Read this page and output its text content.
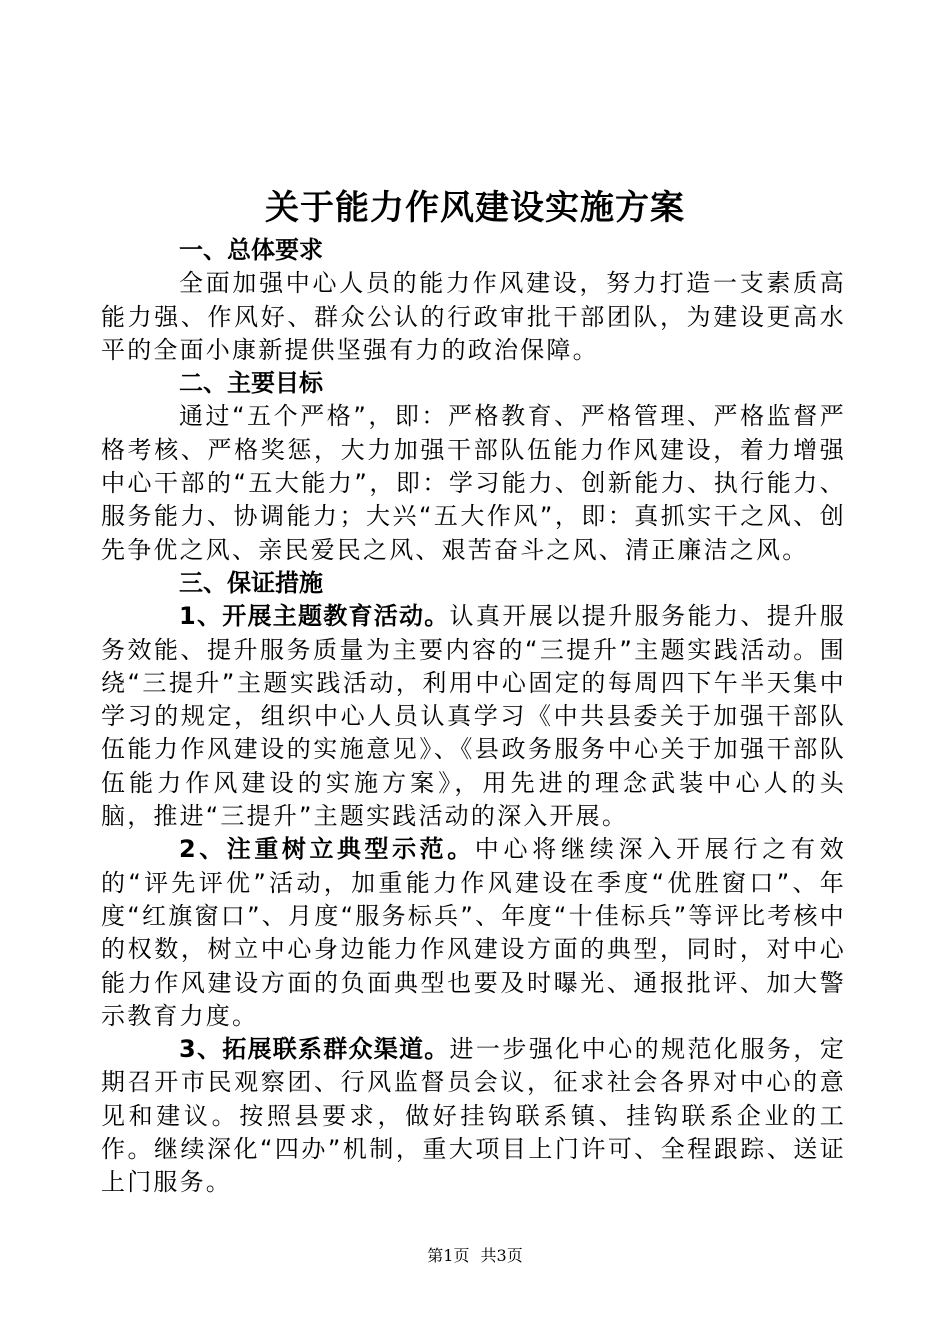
关于能力作风建设实施方案

一、总体要求

全面加强中心人员的能力作风建设，努力打造一支素质高能力强、作风好、群众公认的行政审批干部团队，为建设更高水平的全面小康新提供坚强有力的政治保障。

二、主要目标

通过“五个严格”，即：严格教育、严格管理、严格监督严格考核、严格奖惩，大力加强干部队伍能力作风建设，着力增强中心干部的“五大能力”，即：学习能力、创新能力、执行能力、服务能力、协调能力；大兴“五大作风”，即：真抓实干之风、创先争优之风、亲民爱民之风、艰苦奋斗之风、清正廉洁之风。

三、保证措施

1、开展主题教育活动。认真开展以提升服务能力、提升服务效能、提升服务质量为主要内容的“三提升”主题实践活动。围绕“三提升”主题实践活动，利用中心固定的每周四下午半天集中学习的规定，组织中心人员认真学习《中共县委关于加强干部队伍能力作风建设的实施意见》、《县政务服务中心关于加强干部队伍能力作风建设的实施方案》，用先进的理念武装中心人的头脑，推进“三提升”主题实践活动的深入开展。

2、注重树立典型示范。中心将继续深入开展行之有效的“评先评优”活动，加重能力作风建设在季度“优胜窗口”、年度“红旗窗口”、月度“服务标兵”、年度“十佳标兵”等评比考核中的权数，树立中心身边能力作风建设方面的典型，同时，对中心能力作风建设方面的负面典型也要及时曝光、通报批评、加大警示教育力度。

3、拓展联系群众渠道。进一步强化中心的规范化服务，定期召开市民观察团、行风监督员会议，征求社会各界对中心的意见和建议。按照县要求，做好挂钩联系镇、挂钩联系企业的工作。继续深化“四办”机制，重大项目上门许可、全程跟踪、送证上门服务。

第1页 共3页
